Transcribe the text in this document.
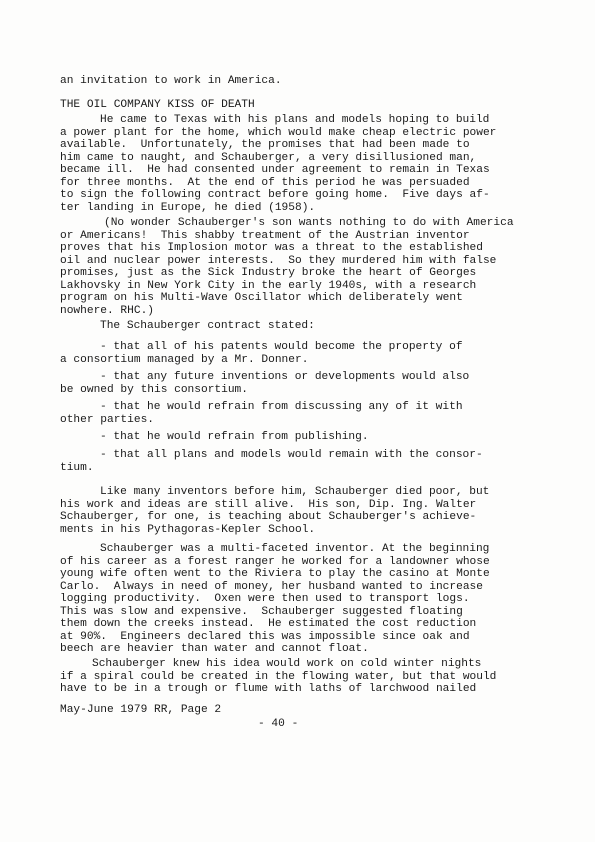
an invitation to work in America.
THE OIL COMPANY KISS OF DEATH
He came to Texas with his plans and models hoping to build
a power plant for the home, which would make cheap electric power
available.  Unfortunately, the promises that had been made to
him came to naught, and Schauberger, a very disillusioned man,
became ill.  He had consented under agreement to remain in Texas
for three months.  At the end of this period he was persuaded
to sign the following contract before going home.  Five days af-
ter landing in Europe, he died (1958).
(No wonder Schauberger's son wants nothing to do with America
or Americans!  This shabby treatment of the Austrian inventor
proves that his Implosion motor was a threat to the established
oil and nuclear power interests.  So they murdered him with false
promises, just as the Sick Industry broke the heart of Georges
Lakhovsky in New York City in the early 1940s, with a research
program on his Multi-Wave Oscillator which deliberately went
nowhere. RHC.)
The Schauberger contract stated:
- that all of his patents would become the property of
a consortium managed by a Mr. Donner.
- that any future inventions or developments would also
be owned by this consortium.
- that he would refrain from discussing any of it with
other parties.
- that he would refrain from publishing.
- that all plans and models would remain with the consor-
tium.
Like many inventors before him, Schauberger died poor, but
his work and ideas are still alive.  His son, Dip. Ing. Walter
Schauberger, for one, is teaching about Schauberger's achieve-
ments in his Pythagoras-Kepler School.
Schauberger was a multi-faceted inventor. At the beginning
of his career as a forest ranger he worked for a landowner whose
young wife often went to the Riviera to play the casino at Monte
Carlo.  Always in need of money, her husband wanted to increase
logging productivity.  Oxen were then used to transport logs.
This was slow and expensive.  Schauberger suggested floating
them down the creeks instead.  He estimated the cost reduction
at 90%.  Engineers declared this was impossible since oak and
beech are heavier than water and cannot float.
Schauberger knew his idea would work on cold winter nights
if a spiral could be created in the flowing water, but that would
have to be in a trough or flume with laths of larchwood nailed
May-June 1979 RR, Page 2
- 40 -
